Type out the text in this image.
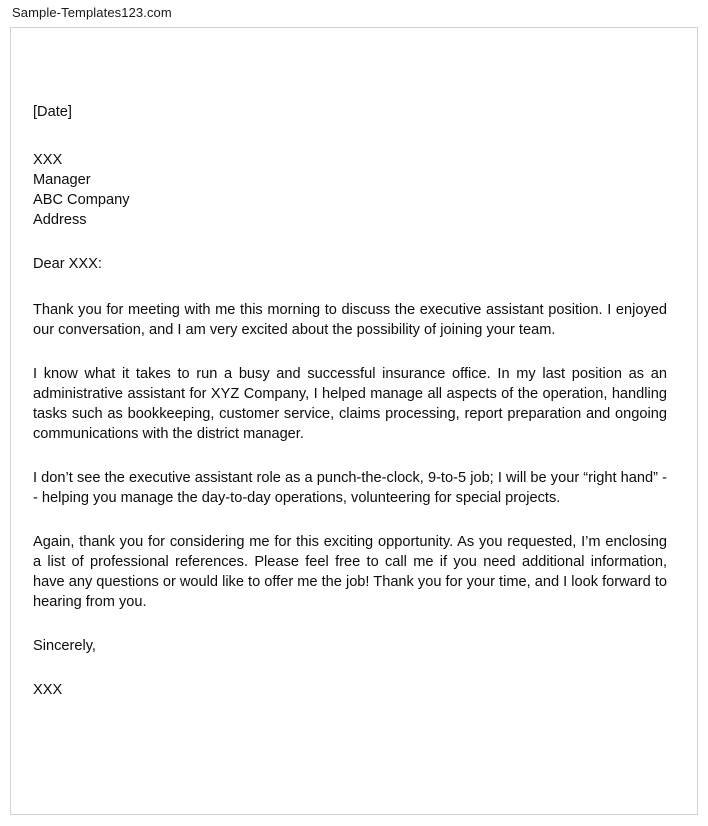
Sample-Templates123.com
[Date]
XXX
Manager
ABC Company
Address
Dear XXX:

Thank you for meeting with me this morning to discuss the executive assistant position. I enjoyed our conversation, and I am very excited about the possibility of joining your team.

I know what it takes to run a busy and successful insurance office. In my last position as an administrative assistant for XYZ Company, I helped manage all aspects of the operation, handling tasks such as bookkeeping, customer service, claims processing, report preparation and ongoing communications with the district manager.

I don’t see the executive assistant role as a punch-the-clock, 9-to-5 job; I will be your “right hand” -- helping you manage the day-to-day operations, volunteering for special projects.

Again, thank you for considering me for this exciting opportunity. As you requested, I’m enclosing a list of professional references. Please feel free to call me if you need additional information, have any questions or would like to offer me the job! Thank you for your time, and I look forward to hearing from you.

Sincerely,
XXX
